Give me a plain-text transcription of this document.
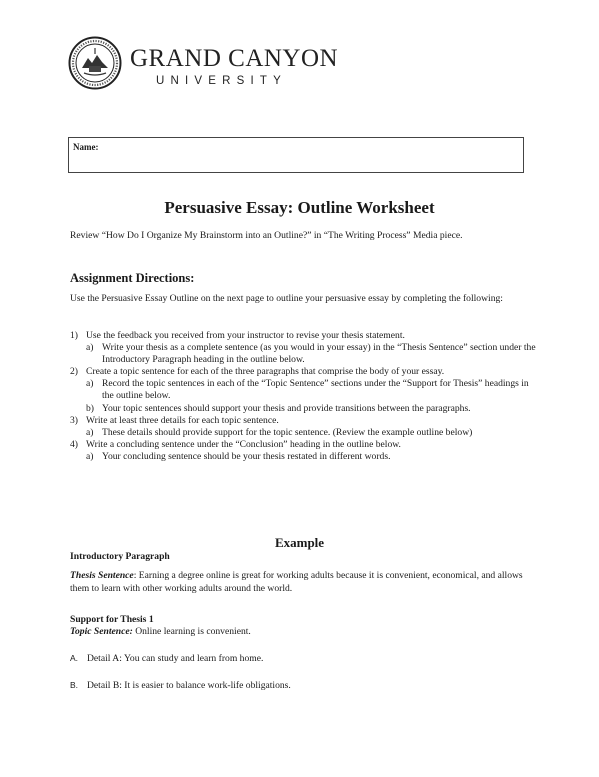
GRAND CANYON
UNIVERSITY
Name:
Persuasive Essay: Outline Worksheet
Review “How Do I Organize My Brainstorm into an Outline?” in “The Writing Process” Media piece.
Assignment Directions:
Use the Persuasive Essay Outline on the next page to outline your persuasive essay by completing the following:
1) Use the feedback you received from your instructor to revise your thesis statement.
a) Write your thesis as a complete sentence (as you would in your essay) in the “Thesis Sentence” section under the Introductory Paragraph heading in the outline below.
2) Create a topic sentence for each of the three paragraphs that comprise the body of your essay.
a) Record the topic sentences in each of the “Topic Sentence” sections under the “Support for Thesis” headings in the outline below.
b) Your topic sentences should support your thesis and provide transitions between the paragraphs.
3) Write at least three details for each topic sentence.
a) These details should provide support for the topic sentence. (Review the example outline below)
4) Write a concluding sentence under the “Conclusion” heading in the outline below.
a) Your concluding sentence should be your thesis restated in different words.
Example
Introductory Paragraph
Thesis Sentence: Earning a degree online is great for working adults because it is convenient, economical, and allows them to learn with other working adults around the world.
Support for Thesis 1
Topic Sentence: Online learning is convenient.
A. Detail A: You can study and learn from home.
B. Detail B: It is easier to balance work-life obligations.
